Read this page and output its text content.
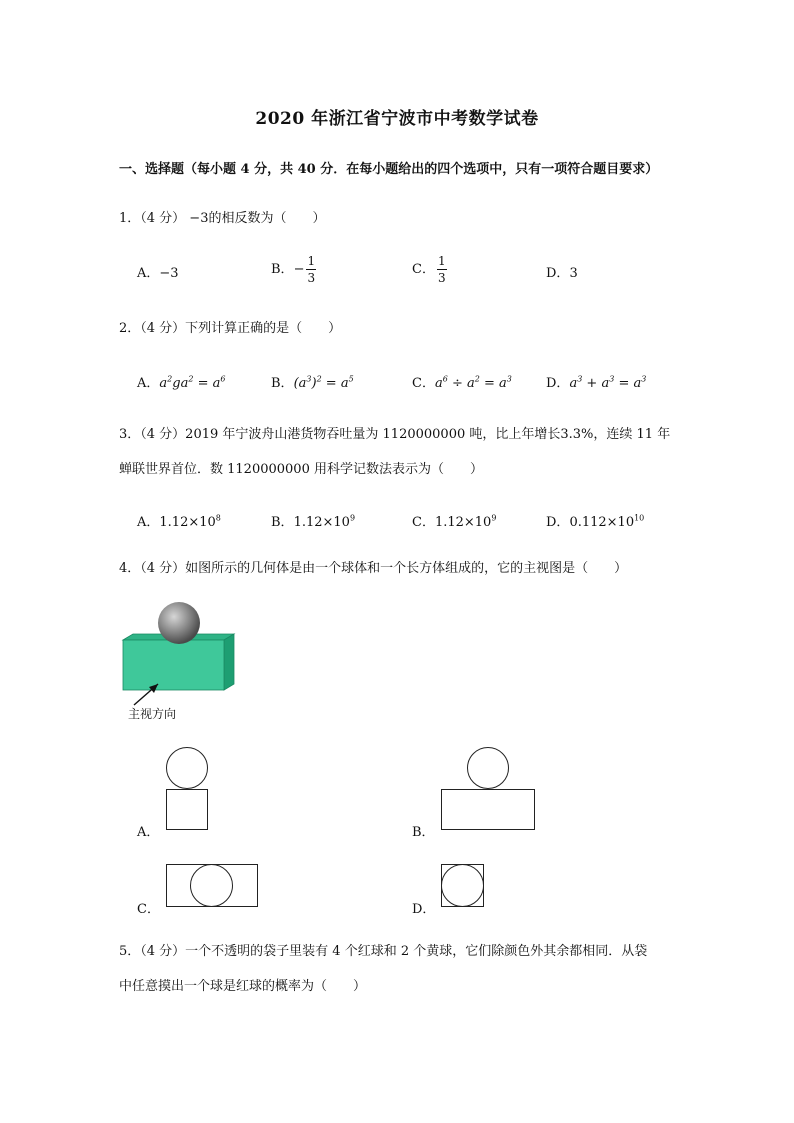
2020 年浙江省宁波市中考数学试卷
一、选择题（每小题 4 分，共 40 分．在每小题给出的四个选项中，只有一项符合题目要求）
1．（4 分） −3的相反数为（　　）
A．−3	B．− $\frac{1}{3}$	C． $\frac{1}{3}$	D．3
2．（4 分）下列计算正确的是（　　）
A．$a^2ga^2 = a^6$	B．$(a^3)^2 = a^5$	C．$a^6 \div a^2 = a^3$	D．$a^3 + a^3 = a^3$
3．（4 分）2019 年宁波舟山港货物吞吐量为 1120000000 吨，比上年增长3.3%，连续 11 年
蝉联世界首位．数 1120000000 用科学记数法表示为（　　）
A．$1.12\times 10^8$	B．$1.12\times 10^9$	C．$1.12\times 10^9$	D．$0.112\times 10^{10}$
4．（4 分）如图所示的几何体是由一个球体和一个长方体组成的，它的主视图是（　　）
主视方向
A．	B．
C．	D．
5．（4 分）一个不透明的袋子里装有 4 个红球和 2 个黄球，它们除颜色外其余都相同．从袋
中任意摸出一个球是红球的概率为（　　）
